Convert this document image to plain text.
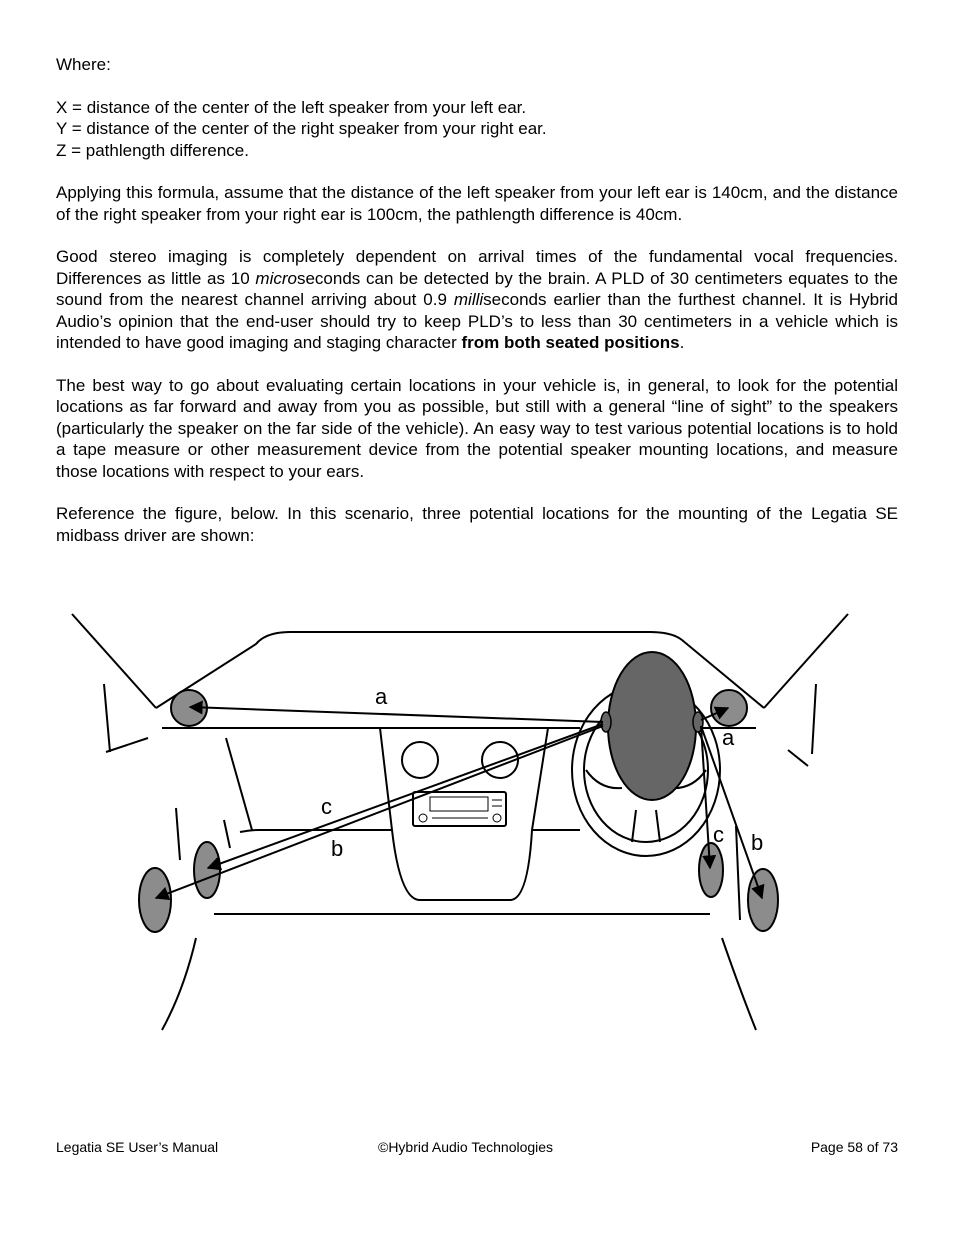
Where:

X = distance of the center of the left speaker from your left ear.
Y = distance of the center of the right speaker from your right ear.
Z = pathlength difference.

Applying this formula, assume that the distance of the left speaker from your left ear is 140cm, and the distance of the right speaker from your right ear is 100cm, the pathlength difference is 40cm.

Good stereo imaging is completely dependent on arrival times of the fundamental vocal frequencies. Differences as little as 10 microseconds can be detected by the brain. A PLD of 30 centimeters equates to the sound from the nearest channel arriving about 0.9 milliseconds earlier than the furthest channel. It is Hybrid Audio’s opinion that the end-user should try to keep PLD’s to less than 30 centimeters in a vehicle which is intended to have good imaging and staging character from both seated positions.

The best way to go about evaluating certain locations in your vehicle is, in general, to look for the potential locations as far forward and away from you as possible, but still with a general “line of sight” to the speakers (particularly the speaker on the far side of the vehicle). An easy way to test various potential locations is to hold a tape measure or other measurement device from the potential speaker mounting locations, and measure those locations with respect to your ears.

Reference the figure, below. In this scenario, three potential locations for the mounting of the Legatia SE midbass driver are shown:

a
c
b
a
c b
Legatia SE User’s Manual	©Hybrid Audio Technologies	Page 58 of 73
